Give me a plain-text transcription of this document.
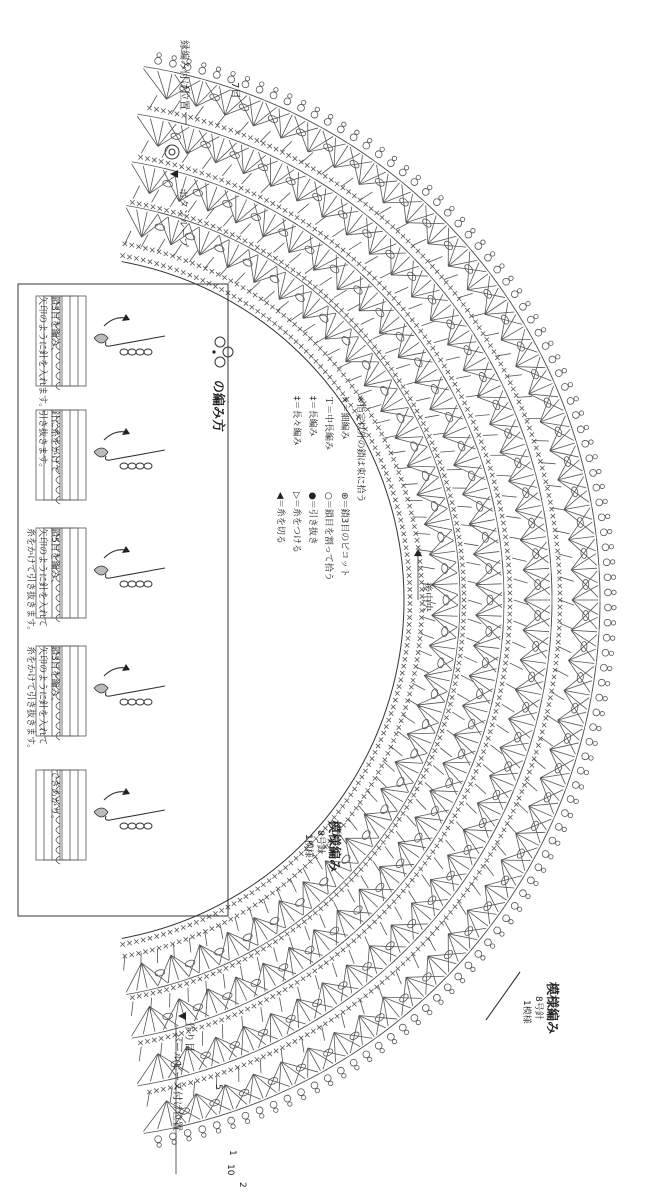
後中央
縁編み付け位置	7目
ボタンループ
模様編み
8号針
1模様
模様編み
8号針
1模様
作り目
パールビーズ付け位置	5
1
2
10
※指定以外の鎖は束に拾う
×＝細編み
Ｔ＝中長編み
‡＝長編み
‡＝長々編み
⊛＝鎖3目のピコット
○＝鎖目を割って拾う
●＝引き抜き
▷＝糸をつける
◀＝糸を切る
の編み方
鎖3目を編み、
矢印のように針を入れます。
針に糸をかけて
引き抜きます。
鎖5目を編み、
矢印のように針を入れて
糸をかけて引き抜きます。
鎖3目を編み、
矢印のように針を入れて
糸をかけて引き抜きます。
できあがり。
